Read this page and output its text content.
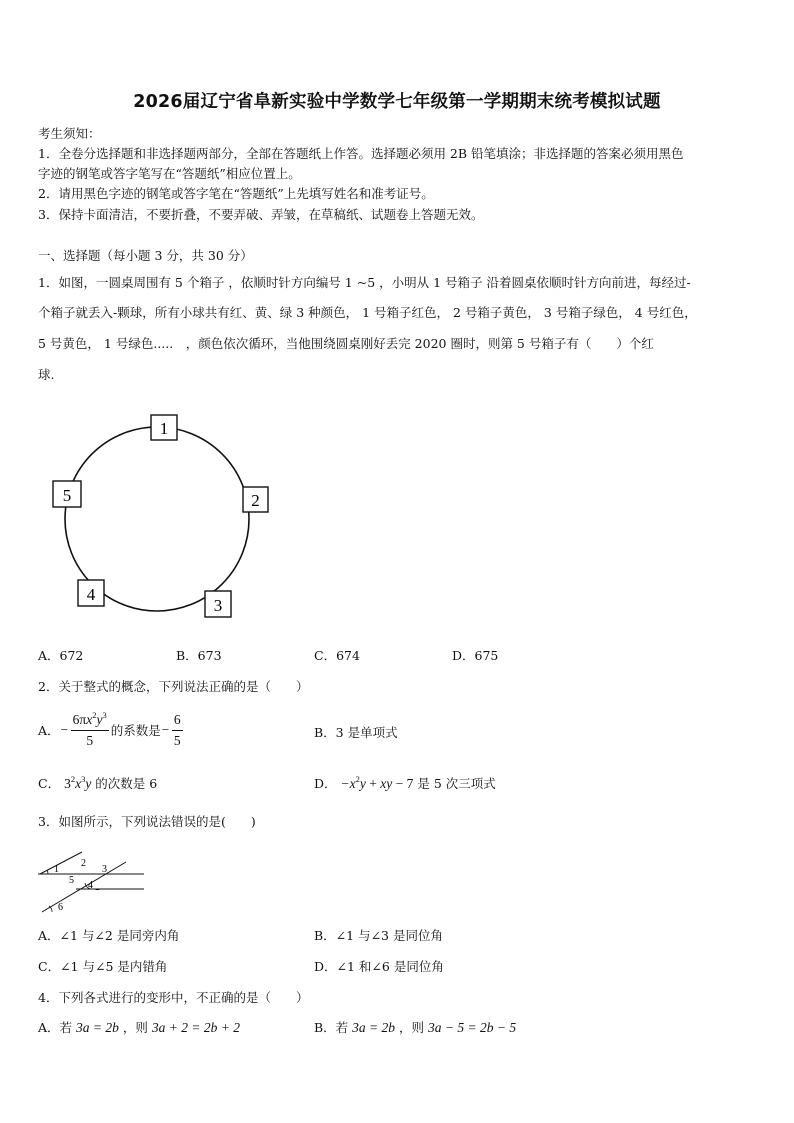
2026届辽宁省阜新实验中学数学七年级第一学期期末统考模拟试题
考生须知：
1．全卷分选择题和非选择题两部分，全部在答题纸上作答。选择题必须用 2B 铅笔填涂；非选择题的答案必须用黑色
字迹的钢笔或答字笔写在“答题纸”相应位置上。
2．请用黑色字迹的钢笔或答字笔在“答题纸”上先填写姓名和准考证号。
3．保持卡面清洁，不要折叠，不要弄破、弄皱，在草稿纸、试题卷上答题无效。
一、选择题（每小题 3 分，共 30 分）
1．如图，一圆桌周围有 5 个箱子 ，依顺时针方向编号 1 ~5 ，小明从 1 号箱子 沿着圆桌依顺时针方向前进，每经过-
个箱子就丢入-颗球，所有小球共有红、黄、绿 3 种颜色， 1 号箱子红色， 2 号箱子黄色， 3 号箱子绿色， 4 号红色，
5 号黄色， 1 号绿色.....　，颜色依次循环，当他围绕圆桌刚好丢完 2020 圈时，则第 5 号箱子有（　　）个红
球.
1
2
3
4
5
A．672	B．673	C．674	D．675
2．关于整式的概念，下列说法正确的是（　　）
A． − $\frac{6\pi x^2y^3}{5}$ 的系数是 − $\frac{6}{5}$	B．3 是单项式
C． $3^2x^3y$ 的次数是 6	D． $-x^2y$ + xy − 7 是 5 次三项式
3．如图所示，下列说法错误的是(　　)
1
2
3
4
5
6
A．∠1 与∠2 是同旁内角	B．∠1 与∠3 是同位角
C．∠1 与∠5 是内错角	D．∠1 和∠6 是同位角
4．下列各式进行的变形中，不正确的是（　　）
A．若 3a = 2b ，则 3a + 2 = 2b + 2	B．若 3a = 2b ，则 3a − 5 = 2b − 5
